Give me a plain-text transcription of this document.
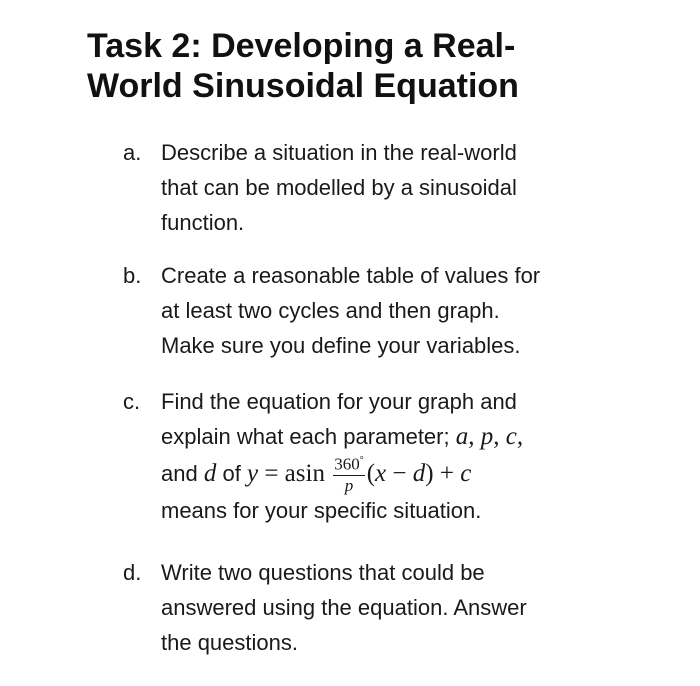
Task 2: Developing a Real-
World Sinusoidal Equation
a. Describe a situation in the real-world
that can be modelled by a sinusoidal
function.
b. Create a reasonable table of values for
at least two cycles and then graph.
Make sure you define your variables.
c. Find the equation for your graph and
explain what each parameter; a, p, c,
and d of y = asin $\frac{360^\circ}{p} (x - d) + c$
means for your specific situation.
d. Write two questions that could be
answered using the equation. Answer
the questions.
